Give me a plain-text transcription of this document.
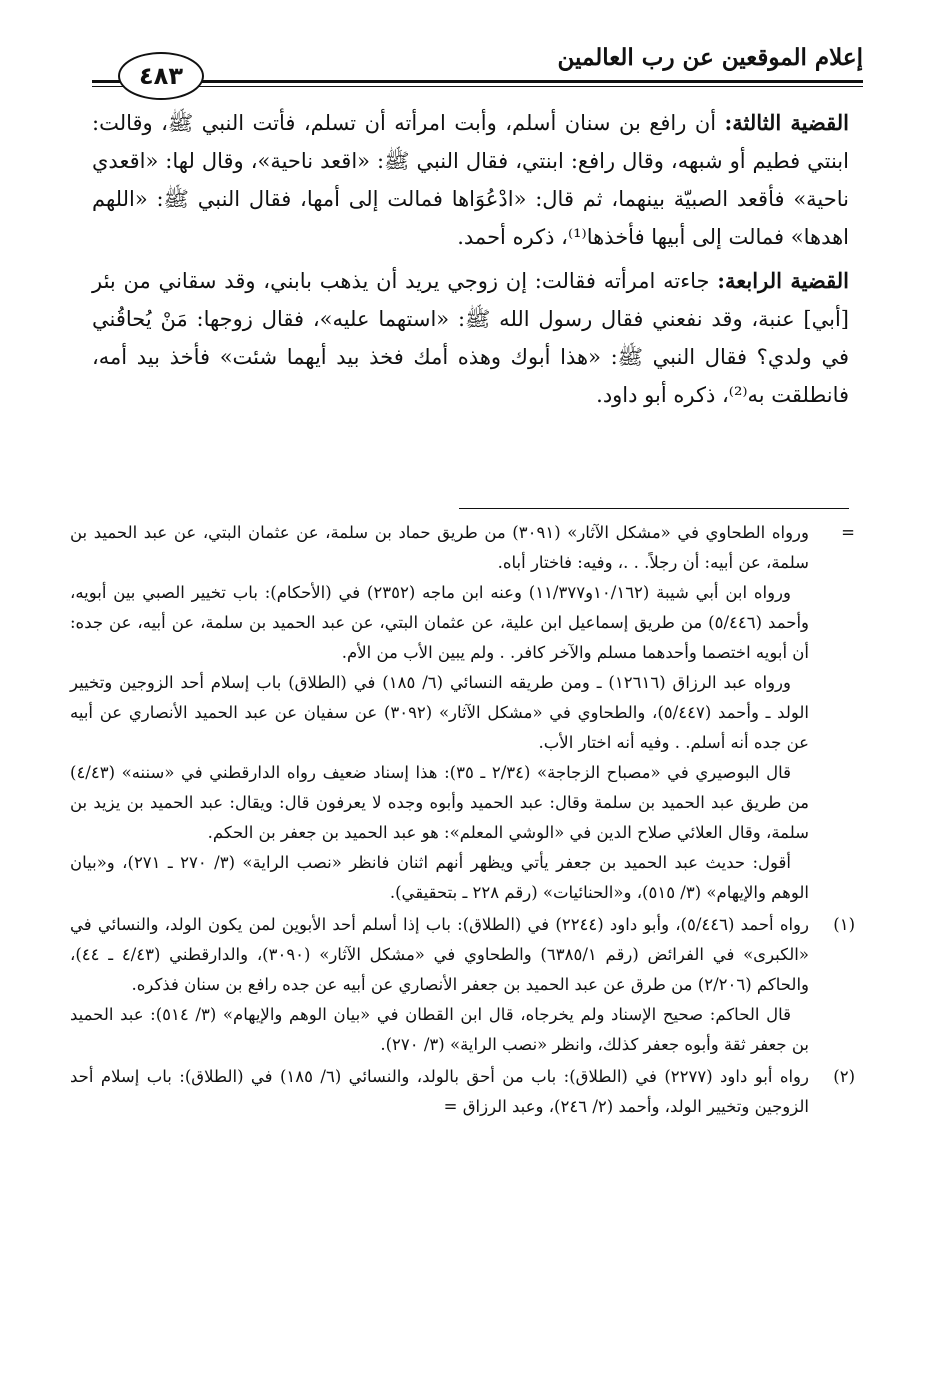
إعلام الموقعين عن رب العالمين
٤٨٣

القضية الثالثة: أن رافع بن سنان أسلم، وأبت امرأته أن تسلم، فأتت النبي ﷺ، وقالت: ابنتي فطيم أو شبهه، وقال رافع: ابنتي، فقال النبي ﷺ: «اقعد ناحية»، وقال لها: «اقعدي ناحية» فأقعد الصبيّة بينهما، ثم قال: «ادْعُوَاها فمالت إلى أمها، فقال النبي ﷺ: «اللهم اهدها» فمالت إلى أبيها فأخذها⁽¹⁾، ذكره أحمد.

القضية الرابعة: جاءته امرأته فقالت: إن زوجي يريد أن يذهب بابني، وقد سقاني من بئر [أبي] عنبة، وقد نفعني فقال رسول الله ﷺ: «استهما عليه»، فقال زوجها: مَنْ يُحاقُني في ولدي؟ فقال النبي ﷺ: «هذا أبوك وهذه أمك فخذ بيد أيهما شئت» فأخذ بيد أمه، فانطلقت به⁽²⁾، ذكره أبو داود.

=

ورواه الطحاوي في «مشكل الآثار» (٣٠٩١) من طريق حماد بن سلمة، عن عثمان البتي، عن عبد الحميد بن سلمة، عن أبيه: أن رجلاً. . .، وفيه: فاختار أباه.

ورواه ابن أبي شيبة (١٠/١٦٢و١١/٣٧٧) وعنه ابن ماجه (٢٣٥٢) في (الأحكام): باب تخيير الصبي بين أبويه، وأحمد (٥/٤٤٦) من طريق إسماعيل ابن علية، عن عثمان البتي، عن عبد الحميد بن سلمة، عن أبيه، عن جده: أن أبويه اختصما وأحدهما مسلم والآخر كافر. . ولم يبين الأب من الأم.

ورواه عبد الرزاق (١٢٦١٦) ـ ومن طريقه النسائي (٦/ ١٨٥) في (الطلاق) باب إسلام أحد الزوجين وتخيير الولد ـ وأحمد (٥/٤٤٧)، والطحاوي في «مشكل الآثار» (٣٠٩٢) عن سفيان عن عبد الحميد الأنصاري عن أبيه عن جده أنه أسلم. . وفيه أنه اختار الأب.

قال البوصيري في «مصباح الزجاجة» (٢/٣٤ ـ ٣٥): هذا إسناد ضعيف رواه الدارقطني في «سننه» (٤/٤٣) من طريق عبد الحميد بن سلمة وقال: عبد الحميد وأبوه وجده لا يعرفون قال: ويقال: عبد الحميد بن يزيد بن سلمة، وقال العلائي صلاح الدين في «الوشي المعلم»: هو عبد الحميد بن جعفر بن الحكم.

أقول: حديث عبد الحميد بن جعفر يأتي ويظهر أنهم اثنان فانظر «نصب الراية» (٣/ ٢٧٠ ـ ٢٧١)، و«بيان الوهم والإيهام» (٣/ ٥١٥)، و«الحنائيات» (رقم ٢٢٨ ـ بتحقيقي).

(١)

رواه أحمد (٥/٤٤٦)، وأبو داود (٢٢٤٤) في (الطلاق): باب إذا أسلم أحد الأبوين لمن يكون الولد، والنسائي في «الكبرى» في الفرائض (رقم ٦٣٨٥/١) والطحاوي في «مشكل الآثار» (٣٠٩٠)، والدارقطني (٤/٤٣ ـ ٤٤)، والحاكم (٢/٢٠٦) من طرق عن عبد الحميد بن جعفر الأنصاري عن أبيه عن جده رافع بن سنان فذكره.

قال الحاكم: صحيح الإسناد ولم يخرجاه، قال ابن القطان في «بيان الوهم والإيهام» (٣/ ٥١٤): عبد الحميد بن جعفر ثقة وأبوه جعفر كذلك، وانظر «نصب الراية» (٣/ ٢٧٠).

(٢)

رواه أبو داود (٢٢٧٧) في (الطلاق): باب من أحق بالولد، والنسائي (٦/ ١٨٥) في (الطلاق): باب إسلام أحد الزوجين وتخيير الولد، وأحمد (٢/ ٢٤٦)، وعبد الرزاق =
